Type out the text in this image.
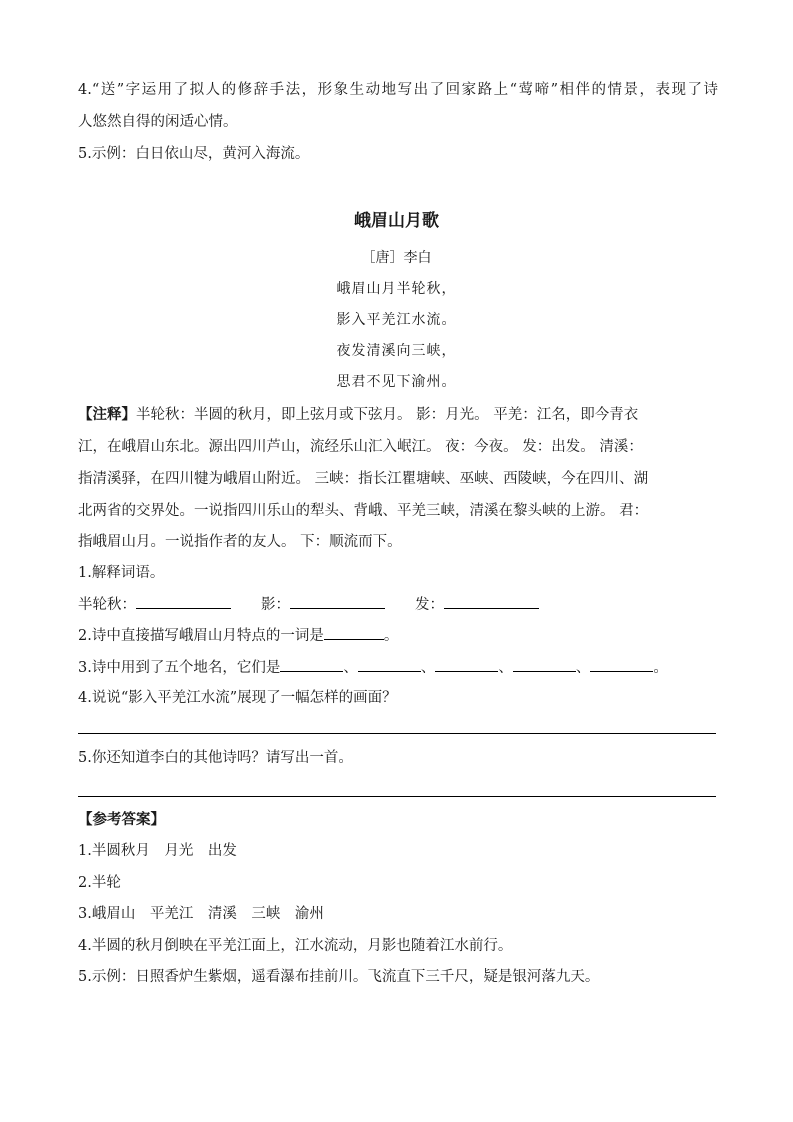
4.“送”字运用了拟人的修辞手法，形象生动地写出了回家路上“莺啼”相伴的情景，表现了诗
人悠然自得的闲适心情。
5.示例：白日依山尽，黄河入海流。
峨眉山月歌
［唐］李白
峨眉山月半轮秋，
影入平羌江水流。
夜发清溪向三峡，
思君不见下渝州。
【注释】半轮秋：半圆的秋月，即上弦月或下弦月。 影：月光。 平羌：江名，即今青衣
江，在峨眉山东北。源出四川芦山，流经乐山汇入岷江。 夜：今夜。 发：出发。 清溪：
指清溪驿，在四川犍为峨眉山附近。 三峡：指长江瞿塘峡、巫峡、西陵峡，今在四川、湖
北两省的交界处。一说指四川乐山的犁头、背峨、平羌三峡，清溪在黎头峡的上游。 君：
指峨眉山月。一说指作者的友人。 下：顺流而下。
1.解释词语。
半轮秋：	影：	发：
2.诗中直接描写峨眉山月特点的一词是	。
3.诗中用到了五个地名，它们是	、	、	、	、	。
4.说说“影入平羌江水流”展现了一幅怎样的画面？
5.你还知道李白的其他诗吗？请写出一首。
【参考答案】
1.半圆秋月　月光　出发
2.半轮
3.峨眉山　平羌江　清溪　三峡　渝州
4.半圆的秋月倒映在平羌江面上，江水流动，月影也随着江水前行。
5.示例：日照香炉生紫烟，遥看瀑布挂前川。飞流直下三千尺，疑是银河落九天。
